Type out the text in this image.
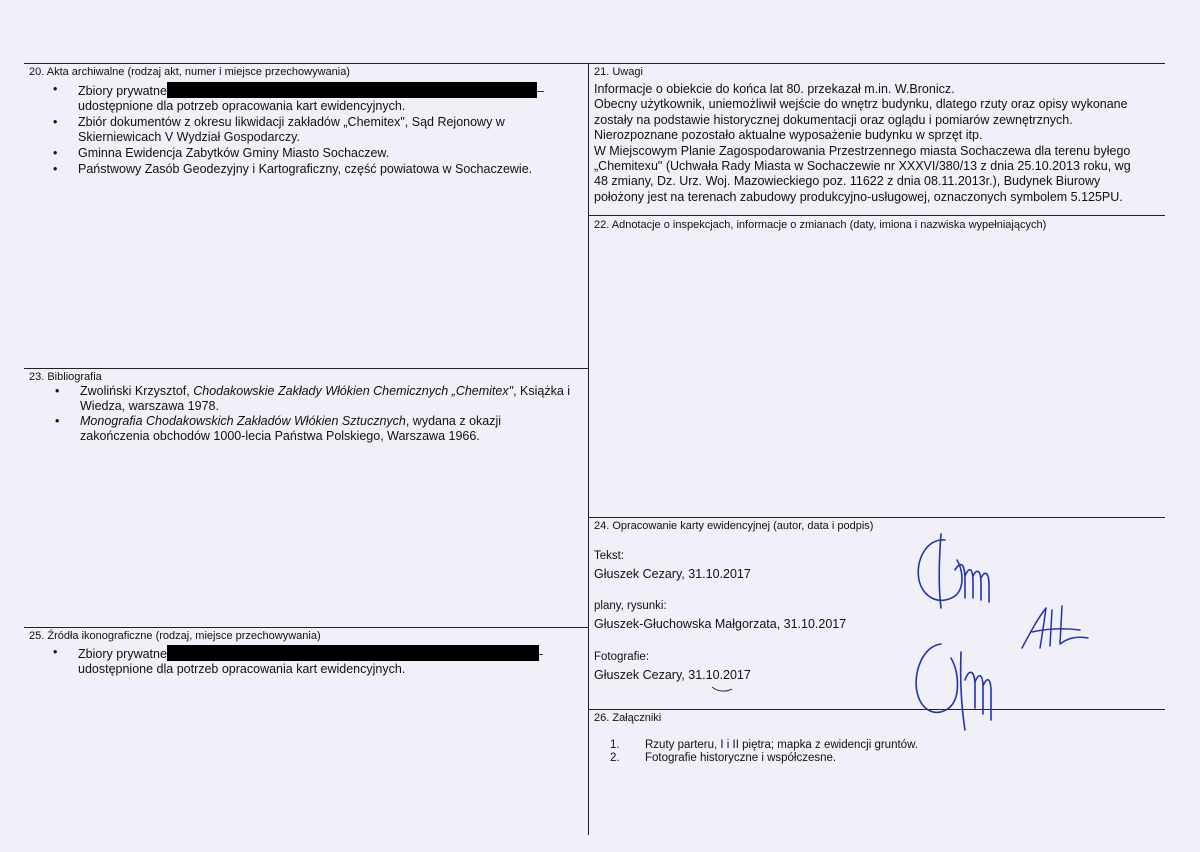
20. Akta archiwalne (rodzaj akt, numer i miejsce przechowywania)
• Zbiory prywatne	–
udostępnione dla potrzeb opracowania kart ewidencyjnych.
• Zbiór dokumentów z okresu likwidacji zakładów „Chemitex", Sąd Rejonowy w
Skierniewicach V Wydział Gospodarczy.
• Gminna Ewidencja Zabytków Gminy Miasto Sochaczew.
• Państwowy Zasób Geodezyjny i Kartograficzny, część powiatowa w Sochaczewie.
21. Uwagi
Informacje o obiekcie do końca lat 80. przekazał m.in. W.Bronicz.
Obecny użytkownik, uniemożliwił wejście do wnętrz budynku, dlatego rzuty oraz opisy wykonane
zostały na podstawie historycznej dokumentacji oraz oglądu i pomiarów zewnętrznych.
Nierozpoznane pozostało aktualne wyposażenie budynku w sprzęt itp.
W Miejscowym Planie Zagospodarowania Przestrzennego miasta Sochaczewa dla terenu byłego
„Chemitexu" (Uchwała Rady Miasta w Sochaczewie nr XXXVI/380/13 z dnia 25.10.2013 roku, wg
48 zmiany, Dz. Urz. Woj. Mazowieckiego poz. 11622 z dnia 08.11.2013r.), Budynek Biurowy
położony jest na terenach zabudowy produkcyjno-usługowej, oznaczonych symbolem 5.125PU.
22. Adnotacje o inspekcjach, informacje o zmianach (daty, imiona i nazwiska wypełniających)
23. Bibliografia
• Zwoliński Krzysztof, Chodakowskie Zakłady Włókien Chemicznych „Chemitex", Książka i
Wiedza, warszawa 1978.
• Monografia Chodakowskich Zakładów Włókien Sztucznych, wydana z okazji
zakończenia obchodów 1000-lecia Państwa Polskiego, Warszawa 1966.
24. Opracowanie karty ewidencyjnej (autor, data i podpis)
Tekst:
Głuszek Cezary, 31.10.2017
plany, rysunki:
Głuszek-Głuchowska Małgorzata, 31.10.2017
Fotografie:
Głuszek Cezary, 31.10.2017
25. Źródła ikonograficzne (rodzaj, miejsce przechowywania)
• Zbiory prywatne	-
udostępnione dla potrzeb opracowania kart ewidencyjnych.
26. Załączniki
1. Rzuty parteru, I i II piętra; mapka z ewidencji gruntów.
2. Fotografie historyczne i współczesne.
